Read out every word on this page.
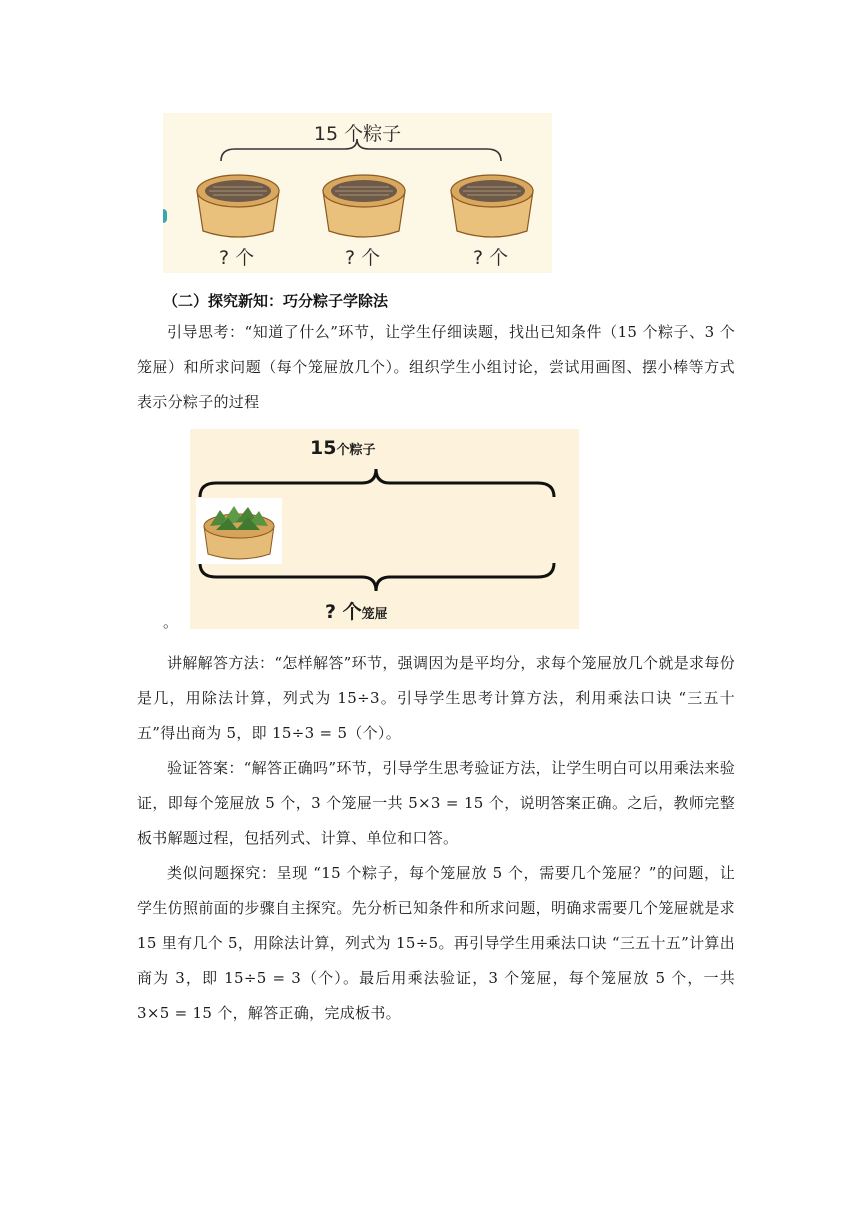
15 个粽子
? 个	? 个	? 个
（二）探究新知：巧分粽子学除法

引导思考：“知道了什么”环节，让学生仔细读题，找出已知条件（15 个粽子、3 个笼屉）和所求问题（每个笼屉放几个）。组织学生小组讨论，尝试用画图、摆小棒等方式表示分粽子的过程

15个粽子
? 个笼屉
。

讲解解答方法：“怎样解答”环节，强调因为是平均分，求每个笼屉放几个就是求每份是几，用除法计算，列式为 15÷3。引导学生思考计算方法，利用乘法口诀 “三五十五”得出商为 5，即 15÷3 = 5（个）。

验证答案：“解答正确吗”环节，引导学生思考验证方法，让学生明白可以用乘法来验证，即每个笼屉放 5 个，3 个笼屉一共 5×3 = 15 个，说明答案正确。之后，教师完整板书解题过程，包括列式、计算、单位和口答。

类似问题探究：呈现 “15 个粽子，每个笼屉放 5 个，需要几个笼屉？”的问题，让学生仿照前面的步骤自主探究。先分析已知条件和所求问题，明确求需要几个笼屉就是求 15 里有几个 5，用除法计算，列式为 15÷5。再引导学生用乘法口诀 “三五十五”计算出商为 3，即 15÷5 = 3（个）。最后用乘法验证，3 个笼屉，每个笼屉放 5 个，一共 3×5 = 15 个，解答正确，完成板书。
